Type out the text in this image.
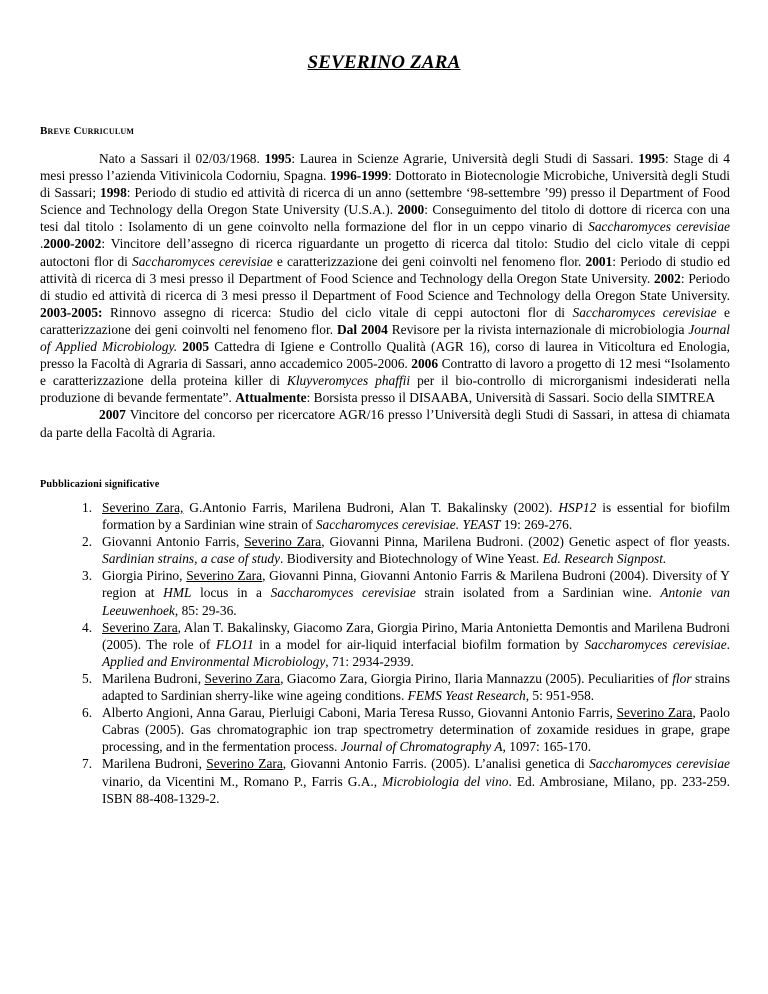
SEVERINO ZARA
Breve Curriculum

Nato a Sassari il 02/03/1968. 1995: Laurea in Scienze Agrarie, Università degli Studi di Sassari. 1995: Stage di 4 mesi presso l’azienda Vitivinicola Codorniu, Spagna. 1996-1999: Dottorato in Biotecnologie Microbiche, Università degli Studi di Sassari; 1998: Periodo di studio ed attività di ricerca di un anno (settembre ‘98-settembre ’99) presso il Department of Food Science and Technology della Oregon State University (U.S.A.). 2000: Conseguimento del titolo di dottore di ricerca con una tesi dal titolo : Isolamento di un gene coinvolto nella formazione del flor in un ceppo vinario di Saccharomyces cerevisiae .2000-2002: Vincitore dell’assegno di ricerca riguardante un progetto di ricerca dal titolo: Studio del ciclo vitale di ceppi autoctoni flor di Saccharomyces cerevisiae e caratterizzazione dei geni coinvolti nel fenomeno flor. 2001: Periodo di studio ed attività di ricerca di 3 mesi presso il Department of Food Science and Technology della Oregon State University. 2002: Periodo di studio ed attività di ricerca di 3 mesi presso il Department of Food Science and Technology della Oregon State University. 2003-2005: Rinnovo assegno di ricerca: Studio del ciclo vitale di ceppi autoctoni flor di Saccharomyces cerevisiae e caratterizzazione dei geni coinvolti nel fenomeno flor. Dal 2004 Revisore per la rivista internazionale di microbiologia Journal of Applied Microbiology. 2005 Cattedra di Igiene e Controllo Qualità (AGR 16), corso di laurea in Viticoltura ed Enologia, presso la Facoltà di Agraria di Sassari, anno accademico 2005-2006. 2006 Contratto di lavoro a progetto di 12 mesi “Isolamento e caratterizzazione della proteina killer di Kluyveromyces phaffii per il bio-controllo di microrganismi indesiderati nella produzione di bevande fermentate”. Attualmente: Borsista presso il DISAABA, Università di Sassari. Socio della SIMTREA

2007 Vincitore del concorso per ricercatore AGR/16 presso l’Università degli Studi di Sassari, in attesa di chiamata da parte della Facoltà di Agraria.

Pubblicazioni significative
1. Severino Zara, G.Antonio Farris, Marilena Budroni, Alan T. Bakalinsky (2002). HSP12 is essential for biofilm formation by a Sardinian wine strain of Saccharomyces cerevisiae. YEAST 19: 269-276.
2. Giovanni Antonio Farris, Severino Zara, Giovanni Pinna, Marilena Budroni. (2002) Genetic aspect of flor yeasts. Sardinian strains, a case of study. Biodiversity and Biotechnology of Wine Yeast. Ed. Research Signpost.
3. Giorgia Pirino, Severino Zara, Giovanni Pinna, Giovanni Antonio Farris & Marilena Budroni (2004). Diversity of Y region at HML locus in a Saccharomyces cerevisiae strain isolated from a Sardinian wine. Antonie van Leeuwenhoek, 85: 29-36.
4. Severino Zara, Alan T. Bakalinsky, Giacomo Zara, Giorgia Pirino, Maria Antonietta Demontis and Marilena Budroni (2005). The role of FLO11 in a model for air-liquid interfacial biofilm formation by Saccharomyces cerevisiae. Applied and Environmental Microbiology, 71: 2934-2939.
5. Marilena Budroni, Severino Zara, Giacomo Zara, Giorgia Pirino, Ilaria Mannazzu (2005). Peculiarities of flor strains adapted to Sardinian sherry-like wine ageing conditions. FEMS Yeast Research, 5: 951-958.
6. Alberto Angioni, Anna Garau, Pierluigi Caboni, Maria Teresa Russo, Giovanni Antonio Farris, Severino Zara, Paolo Cabras (2005). Gas chromatographic ion trap spectrometry determination of zoxamide residues in grape, grape processing, and in the fermentation process. Journal of Chromatography A, 1097: 165-170.
7. Marilena Budroni, Severino Zara, Giovanni Antonio Farris. (2005). L’analisi genetica di Saccharomyces cerevisiae vinario, da Vicentini M., Romano P., Farris G.A., Microbiologia del vino. Ed. Ambrosiane, Milano, pp. 233-259. ISBN 88-408-1329-2.
